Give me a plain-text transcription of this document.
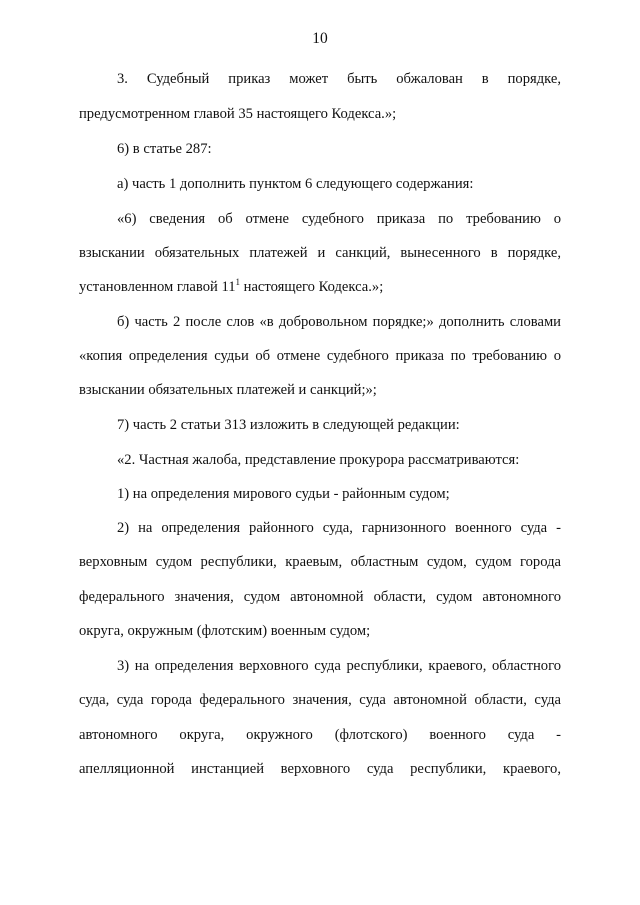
10
3. Судебный приказ может быть обжалован в порядке,
предусмотренном главой 35 настоящего Кодекса.»;
6) в статье 287:
а) часть 1 дополнить пунктом 6 следующего содержания:
«6) сведения об отмене судебного приказа по требованию о
взыскании обязательных платежей и санкций, вынесенного в порядке,
установленном главой $11^1$ настоящего Кодекса.»;
б) часть 2 после слов «в добровольном порядке;» дополнить словами
«копия определения судьи об отмене судебного приказа по требованию о
взыскании обязательных платежей и санкций;»;
7) часть 2 статьи 313 изложить в следующей редакции:
«2. Частная жалоба, представление прокурора рассматриваются:
1) на определения мирового судьи - районным судом;
2) на определения районного суда, гарнизонного военного суда -
верховным судом республики, краевым, областным судом, судом города
федерального значения, судом автономной области, судом автономного
округа, окружным (флотским) военным судом;
3) на определения верховного суда республики, краевого, областного
суда, суда города федерального значения, суда автономной области, суда
автономного округа, окружного (флотского) военного суда -
апелляционной инстанцией верховного суда республики, краевого,
